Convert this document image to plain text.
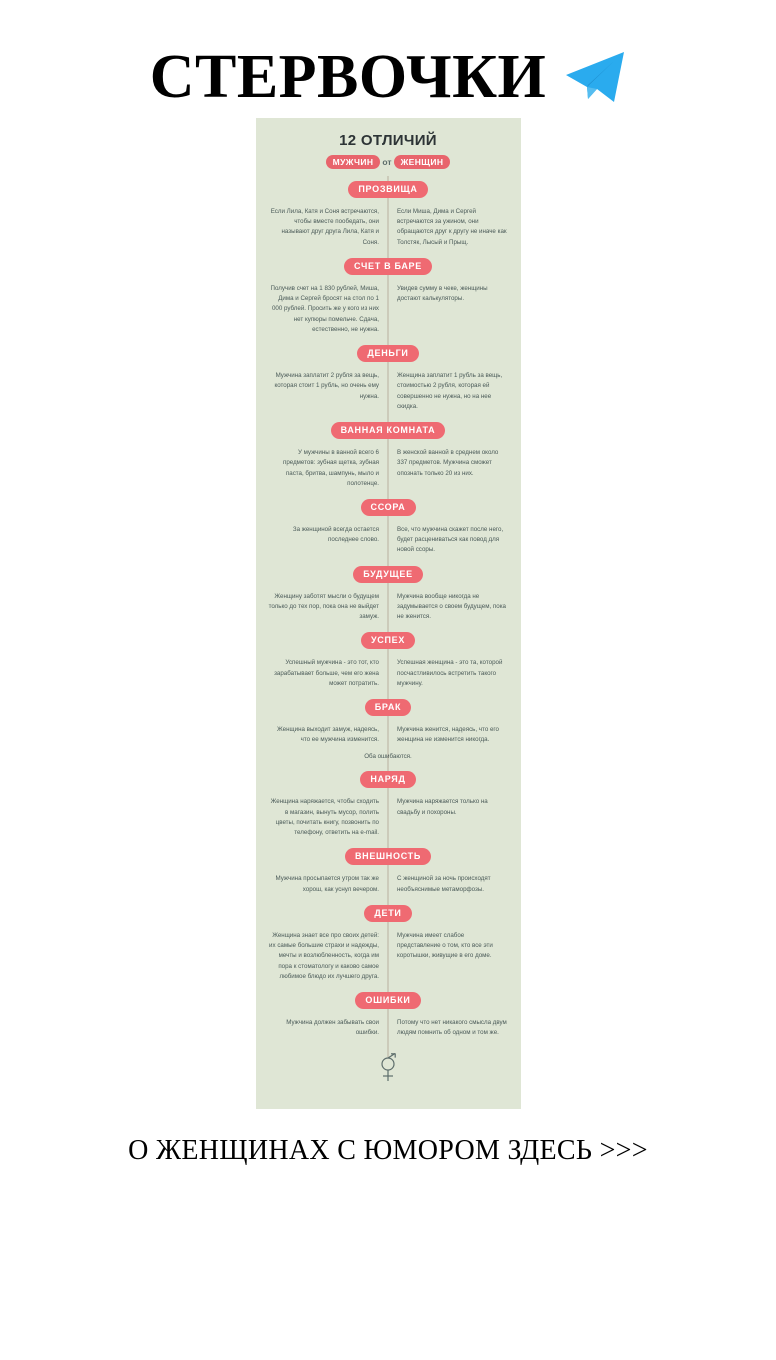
СТЕРВОЧКИ
12 ОТЛИЧИЙ
МУЖЧИН от ЖЕНЩИН
ПРОЗВИЩА
Если Лила, Катя и Соня встречаются, чтобы вместе пообедать, они называют друг друга Лила, Катя и Соня.
Если Миша, Дима и Сергей встречаются за ужином, они обращаются друг к другу не иначе как Толстяк, Лысый и Прыщ.
СЧЕТ В БАРЕ
Получив счет на 1 830 рублей, Миша, Дима и Сергей бросят на стол по 1 000 рублей. Просить же у кого из них нет купюры помельче. Сдача, естественно, не нужна.
Увидев сумму в чеке, женщины достают калькуляторы.
ДЕНЬГИ
Мужчина заплатит 2 рубля за вещь, которая стоит 1 рубль, но очень ему нужна.
Женщина заплатит 1 рубль за вещь, стоимостью 2 рубля, которая ей совершенно не нужна, но на нее скидка.
ВАННАЯ КОМНАТА
У мужчины в ванной всего 6 предметов: зубная щетка, зубная паста, бритва, шампунь, мыло и полотенце.
В женской ванной в среднем около 337 предметов. Мужчина сможет опознать только 20 из них.
ССОРА
За женщиной всегда остается последнее слово.
Все, что мужчина скажет после него, будет расцениваться как повод для новой ссоры.
БУДУЩЕЕ
Женщину заботят мысли о будущем только до тех пор, пока она не выйдет замуж.
Мужчина вообще никогда не задумывается о своем будущем, пока не женится.
УСПЕХ
Успешный мужчина - это тот, кто зарабатывает больше, чем его жена может потратить.
Успешная женщина - это та, которой посчастливилось встретить такого мужчину.
БРАК
Женщина выходит замуж, надеясь, что ее мужчина изменится.
Мужчина женится, надеясь, что его женщина не изменится никогда.
Оба ошибаются.
НАРЯД
Женщина наряжается, чтобы сходить в магазин, вынуть мусор, полить цветы, почитать книгу, позвонить по телефону, ответить на e-mail.
Мужчина наряжается только на свадьбу и похороны.
ВНЕШНОСТЬ
Мужчина просыпается утром так же хорош, как уснул вечером.
С женщиной за ночь происходят необъяснимые метаморфозы.
ДЕТИ
Женщина знает все про своих детей: их самые большие страхи и надежды, мечты и возлюбленность, когда им пора к стоматологу и каково самое любимое блюдо их лучшего друга.
Мужчина имеет слабое представление о том, кто все эти коротышки, живущие в его доме.
ОШИБКИ
Мужчина должен забывать свои ошибки.
Потому что нет никакого смысла двум людям помнить об одном и том же.
О ЖЕНЩИНАХ С ЮМОРОМ ЗДЕСЬ >>>
